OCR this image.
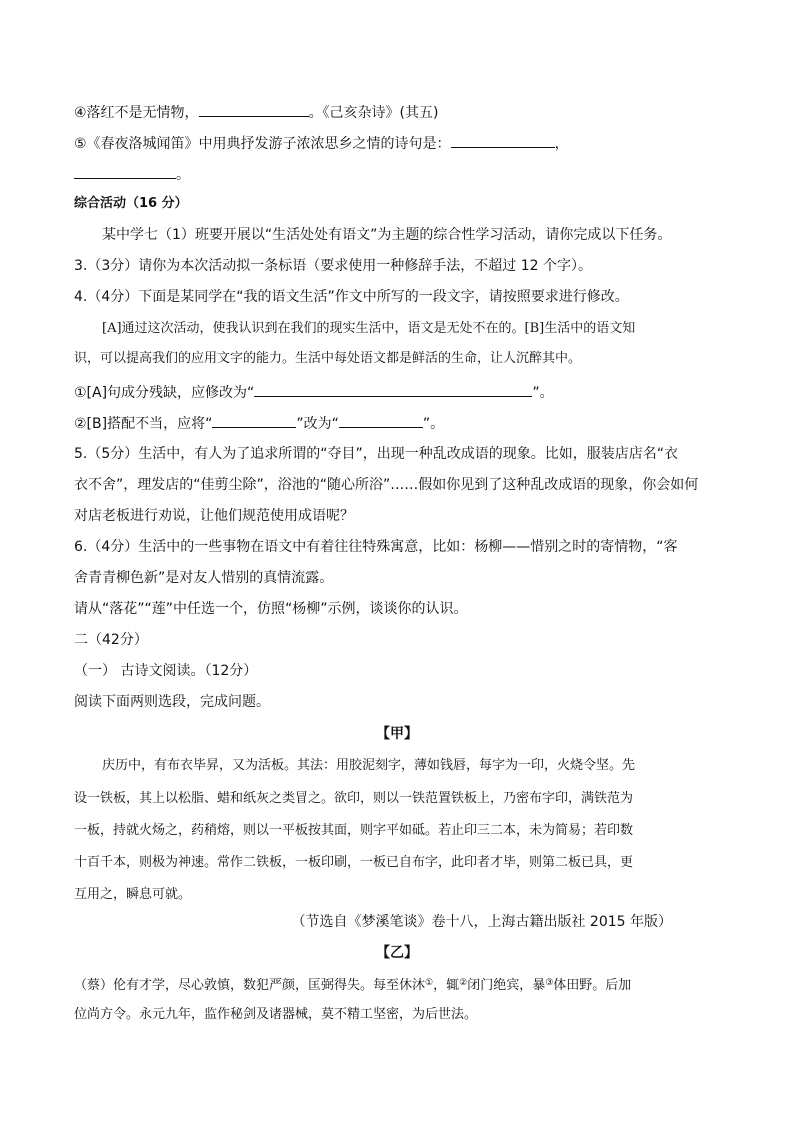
④落红不是无情物，	。《己亥杂诗》(其五)
⑤《春夜洛城闻笛》中用典抒发游子浓浓思乡之情的诗句是：	，
。
综合活动（16 分）
某中学七（1）班要开展以“生活处处有语文”为主题的综合性学习活动，请你完成以下任务。
3.（3分）请你为本次活动拟一条标语（要求使用一种修辞手法，不超过 12 个字）。
4.（4分）下面是某同学在“我的语文生活”作文中所写的一段文字，请按照要求进行修改。
[A]通过这次活动，使我认识到在我们的现实生活中，语文是无处不在的。[B]生活中的语文知
识，可以提高我们的应用文字的能力。生活中每处语文都是鲜活的生命，让人沉醉其中。
①[A]句成分残缺，应修改为“	”。
②[B]搭配不当，应将“	”改为“	”。
5.（5分）生活中，有人为了追求所谓的“夺目”，出现一种乱改成语的现象。比如，服装店店名“衣
衣不舍”，理发店的“佳剪尘除”，浴池的“随心所浴”……假如你见到了这种乱改成语的现象，你会如何
对店老板进行劝说，让他们规范使用成语呢？
6.（4分）生活中的一些事物在语文中有着往往特殊寓意，比如：杨柳——惜别之时的寄情物，“客
舍青青柳色新”是对友人惜别的真情流露。
请从“落花”“莲”中任选一个，仿照“杨柳”示例，谈谈你的认识。
二（42分）
（一） 古诗文阅读。（12分）
阅读下面两则选段，完成问题。
【甲】
庆历中，有布衣毕昇，又为活板。其法：用胶泥刻字，薄如钱唇，每字为一印，火烧令坚。先
设一铁板，其上以松脂、蜡和纸灰之类冒之。欲印，则以一铁范置铁板上，乃密布字印，满铁范为
一板，持就火炀之，药稍熔，则以一平板按其面，则字平如砥。若止印三二本，未为简易；若印数
十百千本，则极为神速。常作二铁板，一板印刷，一板已自布字，此印者才毕，则第二板已具，更
互用之，瞬息可就。
（节选自《梦溪笔谈》卷十八，上海古籍出版社 2015 年版）
【乙】
（蔡）伦有才学，尽心敦慎，数犯严颜，匡弼得失。每至休沐①，辄②闭门绝宾，暴③体田野。后加
位尚方令。永元九年，监作秘剑及诸器械，莫不精工坚密，为后世法。
